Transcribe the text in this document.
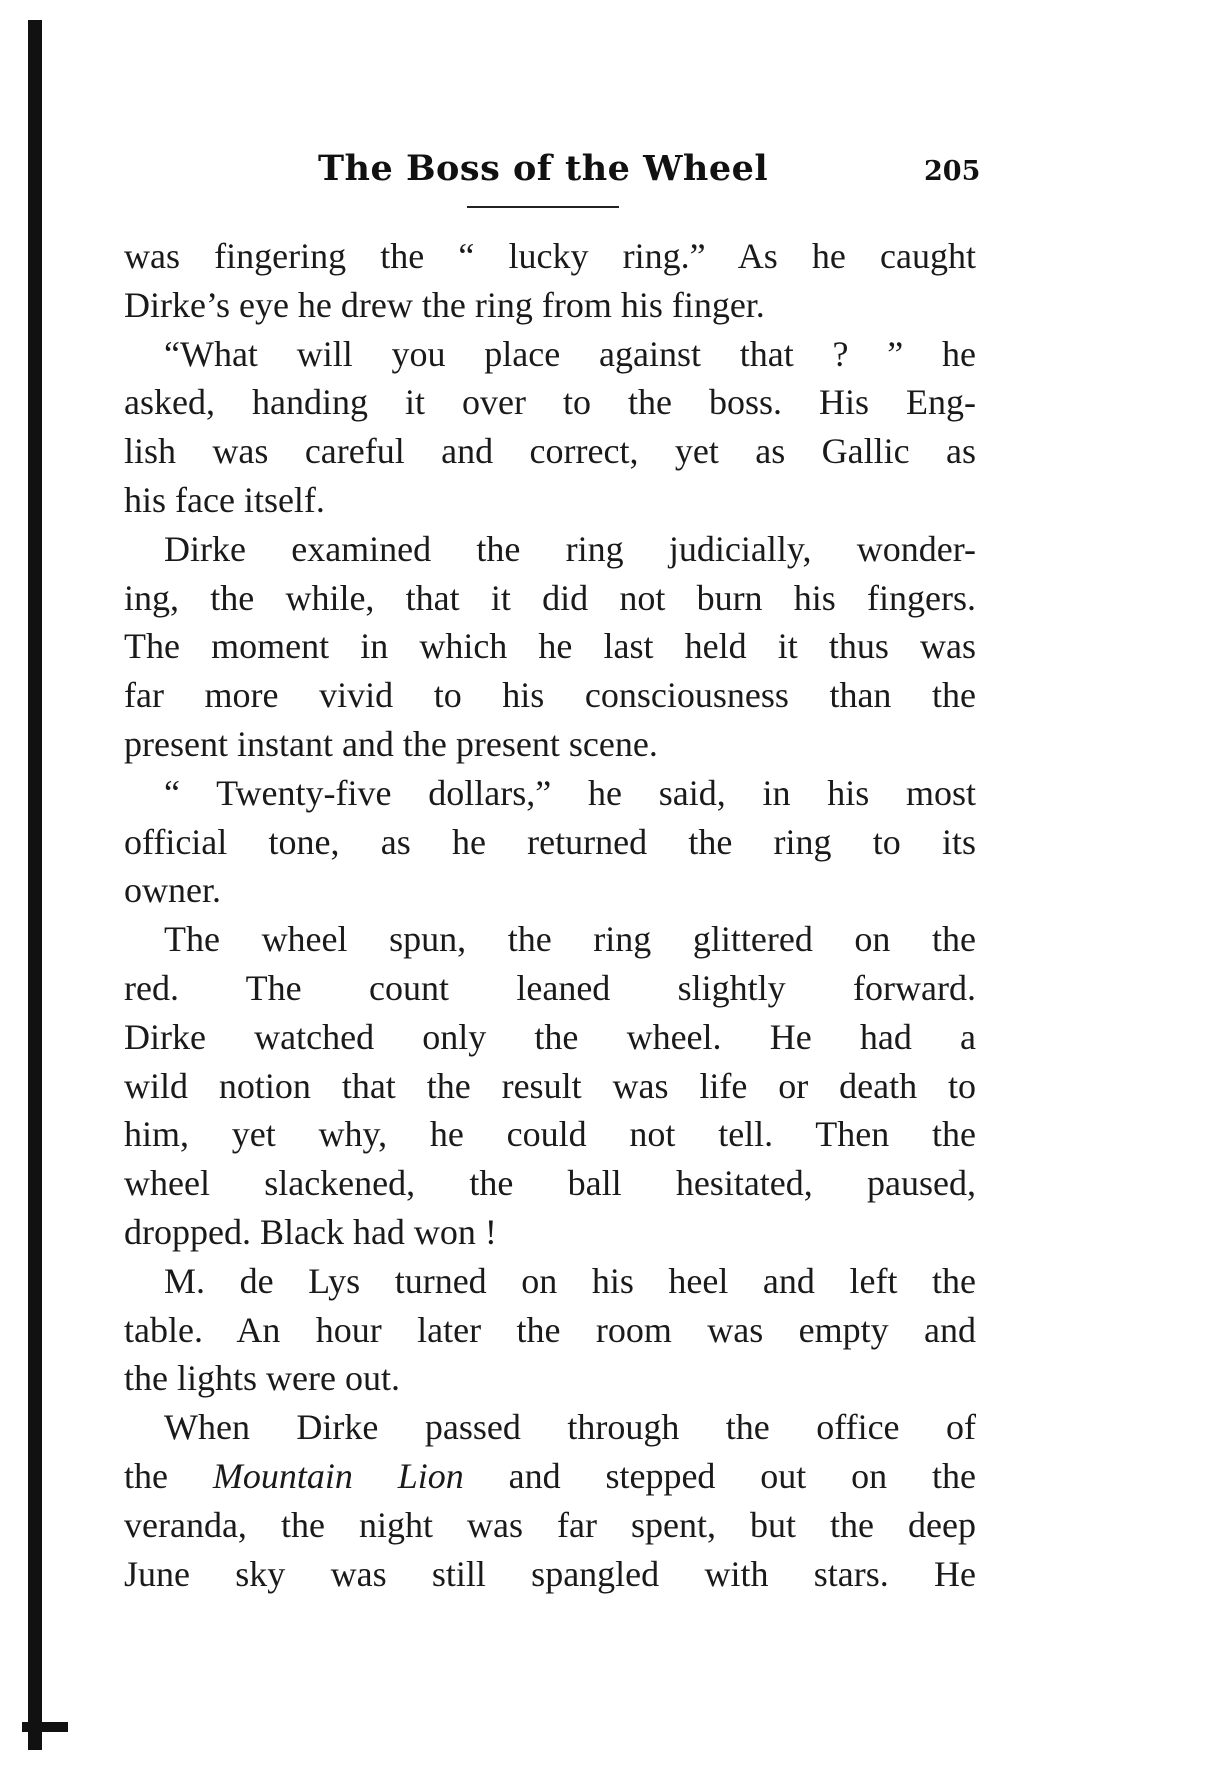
The Boss of the Wheel	205
was fingering the “ lucky ring.” As he caught
Dirke’s eye he drew the ring from his finger.
“What will you place against that ? ” he
asked, handing it over to the boss. His Eng-
lish was careful and correct, yet as Gallic as
his face itself.
Dirke examined the ring judicially, wonder-
ing, the while, that it did not burn his fingers.
The moment in which he last held it thus was
far more vivid to his consciousness than the
present instant and the present scene.
“ Twenty-five dollars,” he said, in his most
official tone, as he returned the ring to its
owner.
The wheel spun, the ring glittered on the
red. The count leaned slightly forward.
Dirke watched only the wheel. He had a
wild notion that the result was life or death to
him, yet why, he could not tell. Then the
wheel slackened, the ball hesitated, paused,
dropped. Black had won !
M. de Lys turned on his heel and left the
table. An hour later the room was empty and
the lights were out.
When Dirke passed through the office of
the Mountain Lion and stepped out on the
veranda, the night was far spent, but the deep
June sky was still spangled with stars. He
